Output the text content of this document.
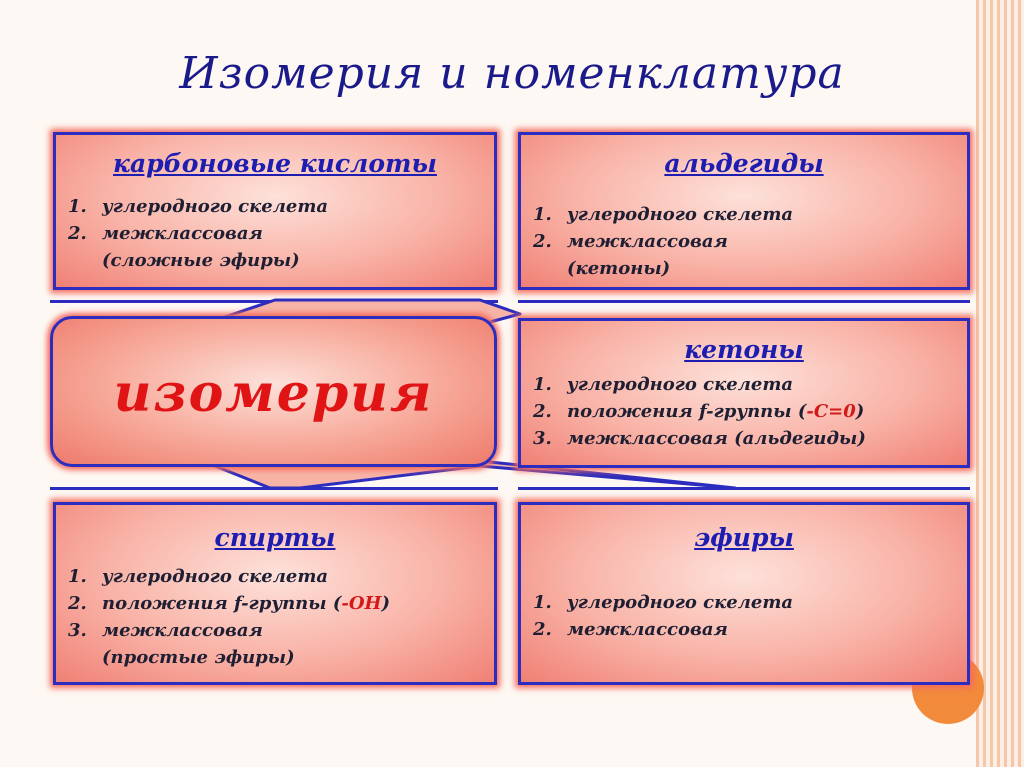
Изомерия и номенклатура
карбоновые кислоты
1. углеродного скелета
2. межклассовая
(сложные эфиры)
альдегиды
1. углеродного скелета
2. межклассовая
(кетоны)
изомерия
кетоны
1. углеродного скелета
2. положения f-группы (-С=0)
3. межклассовая (альдегиды)
спирты
1. углеродного скелета
2. положения f-группы (-ОН)
3. межклассовая
(простые эфиры)
эфиры
1. углеродного скелета
2. межклассовая
